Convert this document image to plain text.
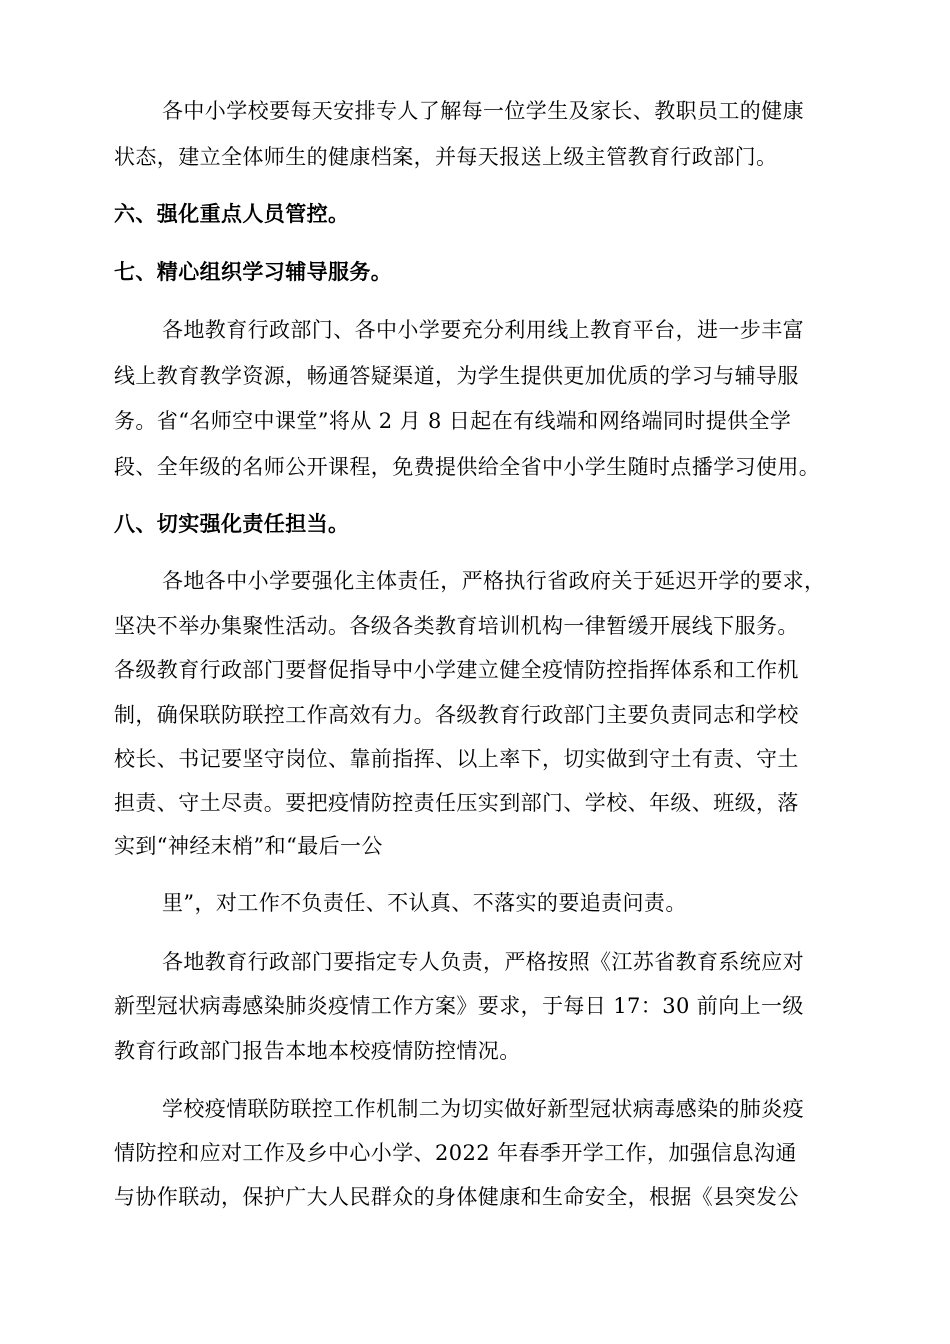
各中小学校要每天安排专人了解每一位学生及家长、教职员工的健康
状态，建立全体师生的健康档案，并每天报送上级主管教育行政部门。
六、强化重点人员管控。
七、精心组织学习辅导服务。
各地教育行政部门、各中小学要充分利用线上教育平台，进一步丰富
线上教育教学资源，畅通答疑渠道，为学生提供更加优质的学习与辅导服
务。省“名师空中课堂”将从 2 月 8 日起在有线端和网络端同时提供全学
段、全年级的名师公开课程，免费提供给全省中小学生随时点播学习使用。
八、切实强化责任担当。
各地各中小学要强化主体责任，严格执行省政府关于延迟开学的要求，
坚决不举办集聚性活动。各级各类教育培训机构一律暂缓开展线下服务。
各级教育行政部门要督促指导中小学建立健全疫情防控指挥体系和工作机
制，确保联防联控工作高效有力。各级教育行政部门主要负责同志和学校
校长、书记要坚守岗位、靠前指挥、以上率下，切实做到守土有责、守土
担责、守土尽责。要把疫情防控责任压实到部门、学校、年级、班级，落
实到“神经末梢”和“最后一公
里”，对工作不负责任、不认真、不落实的要追责问责。
各地教育行政部门要指定专人负责，严格按照《江苏省教育系统应对
新型冠状病毒感染肺炎疫情工作方案》要求，于每日 17：30 前向上一级
教育行政部门报告本地本校疫情防控情况。
学校疫情联防联控工作机制二为切实做好新型冠状病毒感染的肺炎疫
情防控和应对工作及乡中心小学、2022 年春季开学工作，加强信息沟通
与协作联动，保护广大人民群众的身体健康和生命安全，根据《县突发公
